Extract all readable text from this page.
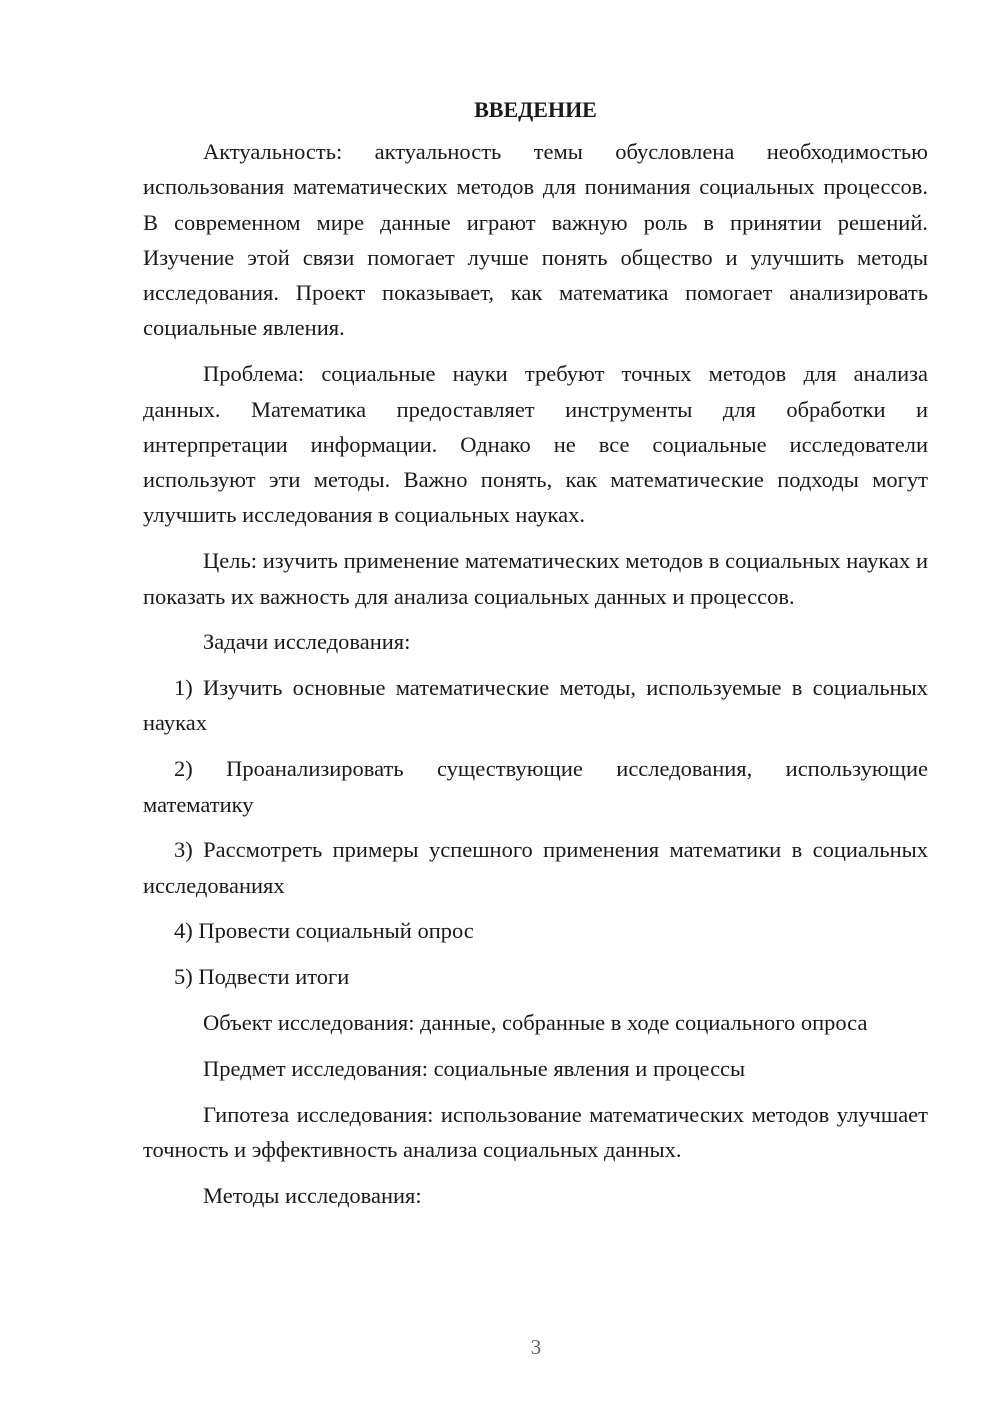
ВВЕДЕНИЕ

Актуальность: актуальность темы обусловлена необходимостью использования математических методов для понимания социальных процессов. В современном мире данные играют важную роль в принятии решений. Изучение этой связи помогает лучше понять общество и улучшить методы исследования. Проект показывает, как математика помогает анализировать социальные явления.

Проблема: социальные науки требуют точных методов для анализа данных. Математика предоставляет инструменты для обработки и интерпретации информации. Однако не все социальные исследователи используют эти методы. Важно понять, как математические подходы могут улучшить исследования в социальных науках.

Цель: изучить применение математических методов в социальных науках и показать их важность для анализа социальных данных и процессов.

Задачи исследования:

1) Изучить основные математические методы, используемые в социальных науках

2) Проанализировать существующие исследования, использующие математику

3) Рассмотреть примеры успешного применения математики в социальных исследованиях

4) Провести социальный опрос

5) Подвести итоги

Объект исследования: данные, собранные в ходе социального опроса

Предмет исследования: социальные явления и процессы

Гипотеза исследования: использование математических методов улучшает точность и эффективность анализа социальных данных.

Методы исследования:

3
